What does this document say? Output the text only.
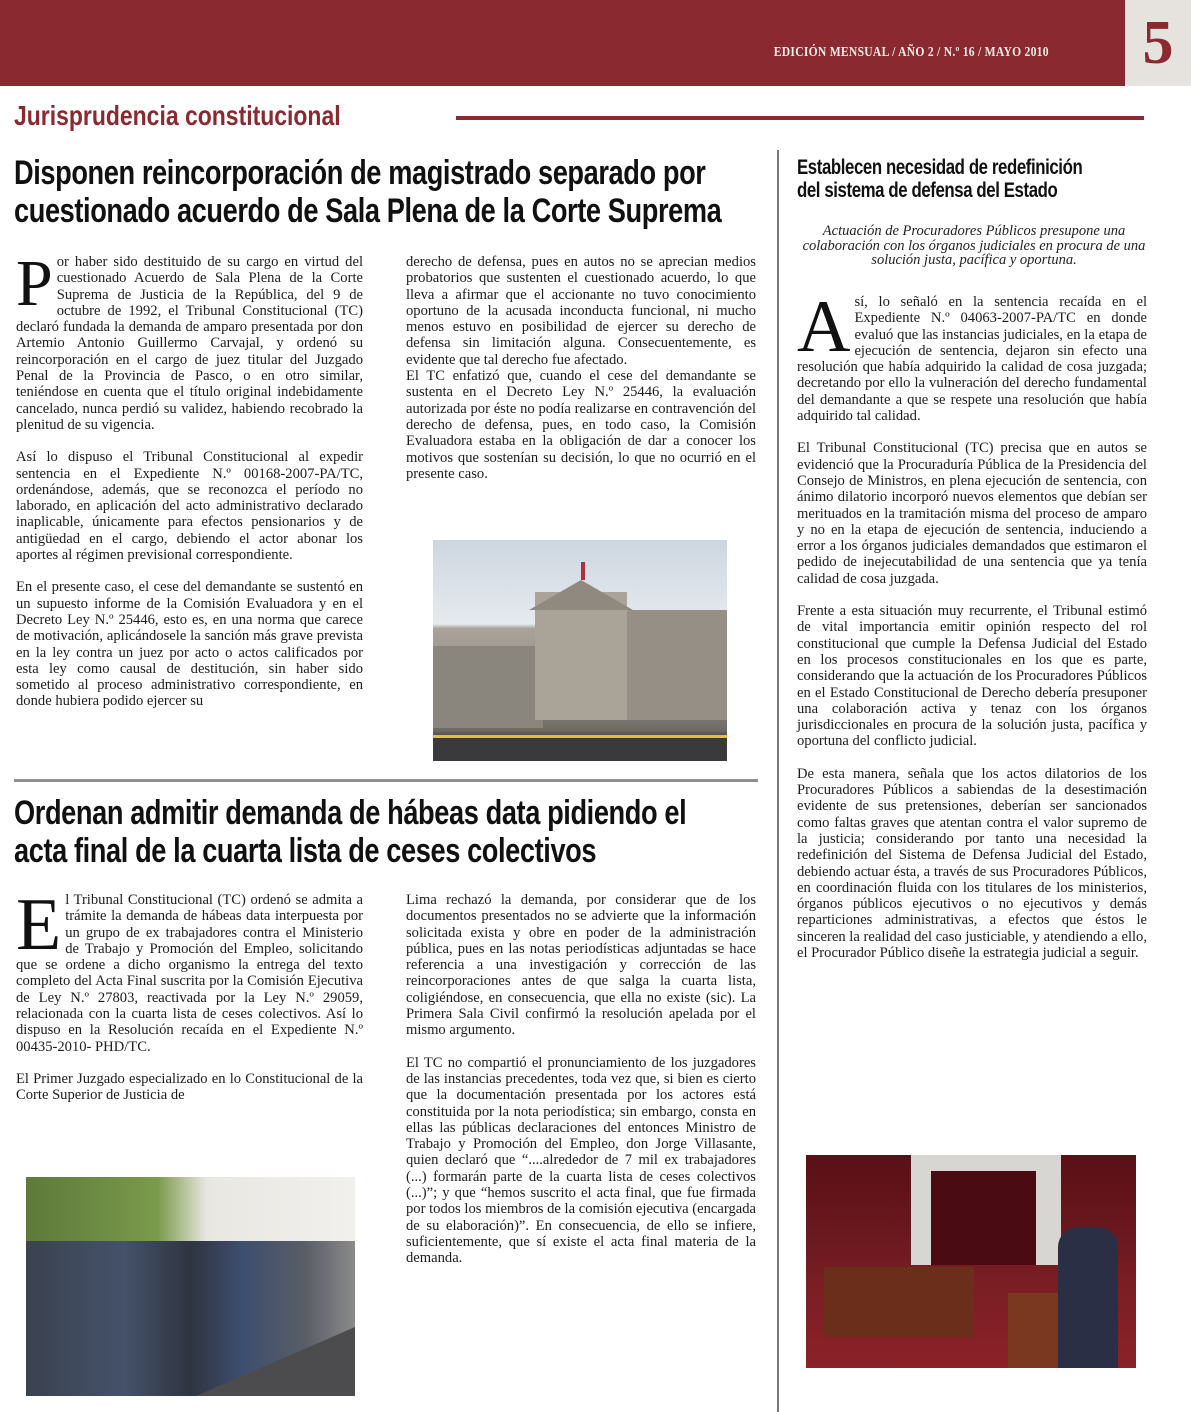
EDICIÓN MENSUAL / AÑO 2 / N.º 16 / MAYO 2010 5
Jurisprudencia constitucional
Disponen reincorporación de magistrado separado por
cuestionado acuerdo de Sala Plena de la Corte Suprema

Por haber sido destituido de su cargo en virtud del cuestionado Acuerdo de Sala Plena de la Corte Suprema de Justicia de la República, del 9 de octubre de 1992, el Tribunal Constitucional (TC) declaró fundada la demanda de amparo presentada por don Artemio Antonio Guillermo Carvajal, y ordenó su reincorporación en el cargo de juez titular del Juzgado Penal de la Provincia de Pasco, o en otro similar, teniéndose en cuenta que el título original indebidamente cancelado, nunca perdió su validez, habiendo recobrado la plenitud de su vigencia.

Así lo dispuso el Tribunal Constitucional al expedir sentencia en el Expediente N.º 00168-2007-PA/TC, ordenándose, además, que se reconozca el período no laborado, en aplicación del acto administrativo declarado inaplicable, únicamente para efectos pensionarios y de antigüedad en el cargo, debiendo el actor abonar los aportes al régimen previsional correspondiente.

En el presente caso, el cese del demandante se sustentó en un supuesto informe de la Comisión Evaluadora y en el Decreto Ley N.º 25446, esto es, en una norma que carece de motivación, aplicándosele la sanción más grave prevista en la ley contra un juez por acto o actos calificados por esta ley como causal de destitución, sin haber sido sometido al proceso administrativo correspondiente, en donde hubiera podido ejercer su

derecho de defensa, pues en autos no se aprecian medios probatorios que sustenten el cuestionado acuerdo, lo que lleva a afirmar que el accionante no tuvo conocimiento oportuno de la acusada inconducta funcional, ni mucho menos estuvo en posibilidad de ejercer su derecho de defensa sin limitación alguna. Consecuentemente, es evidente que tal derecho fue afectado.

El TC enfatizó que, cuando el cese del demandante se sustenta en el Decreto Ley N.º 25446, la evaluación autorizada por éste no podía realizarse en contravención del derecho de defensa, pues, en todo caso, la Comisión Evaluadora estaba en la obligación de dar a conocer los motivos que sostenían su decisión, lo que no ocurrió en el presente caso.

Ordenan admitir demanda de hábeas data pidiendo el
acta final de la cuarta lista de ceses colectivos

El Tribunal Constitucional (TC) ordenó se admita a trámite la demanda de hábeas data interpuesta por un grupo de ex trabajadores contra el Ministerio de Trabajo y Promoción del Empleo, solicitando que se ordene a dicho organismo la entrega del texto completo del Acta Final suscrita por la Comisión Ejecutiva de Ley N.º 27803, reactivada por la Ley N.º 29059, relacionada con la cuarta lista de ceses colectivos. Así lo dispuso en la Resolución recaída en el Expediente N.º 00435-2010- PHD/TC.

El Primer Juzgado especializado en lo Constitucional de la Corte Superior de Justicia de

Lima rechazó la demanda, por considerar que de los documentos presentados no se advierte que la información solicitada exista y obre en poder de la administración pública, pues en las notas periodísticas adjuntadas se hace referencia a una investigación y corrección de las reincorporaciones antes de que salga la cuarta lista, coligiéndose, en consecuencia, que ella no existe (sic). La Primera Sala Civil confirmó la resolución apelada por el mismo argumento.

El TC no compartió el pronunciamiento de los juzgadores de las instancias precedentes, toda vez que, si bien es cierto que la documentación presentada por los actores está constituida por la nota periodística; sin embargo, consta en ellas las públicas declaraciones del entonces Ministro de Trabajo y Promoción del Empleo, don Jorge Villasante, quien declaró que “....alrededor de 7 mil ex trabajadores (...) formarán parte de la cuarta lista de ceses colectivos (...)”; y que “hemos suscrito el acta final, que fue firmada por todos los miembros de la comisión ejecutiva (encargada de su elaboración)”. En consecuencia, de ello se infiere, suficientemente, que sí existe el acta final materia de la demanda.

Establecen necesidad de redefinición
del sistema de defensa del Estado
Actuación de Procuradores Públicos presupone una colaboración con los órganos judiciales en procura de una solución justa, pacífica y oportuna.

Así, lo señaló en la sentencia recaída en el Expediente N.º 04063-2007-PA/TC en donde evaluó que las instancias judiciales, en la etapa de ejecución de sentencia, dejaron sin efecto una resolución que había adquirido la calidad de cosa juzgada; decretando por ello la vulneración del derecho fundamental del demandante a que se respete una resolución que había adquirido tal calidad.

El Tribunal Constitucional (TC) precisa que en autos se evidenció que la Procuraduría Pública de la Presidencia del Consejo de Ministros, en plena ejecución de sentencia, con ánimo dilatorio incorporó nuevos elementos que debían ser merituados en la tramitación misma del proceso de amparo y no en la etapa de ejecución de sentencia, induciendo a error a los órganos judiciales demandados que estimaron el pedido de inejecutabilidad de una sentencia que ya tenía calidad de cosa juzgada.

Frente a esta situación muy recurrente, el Tribunal estimó de vital importancia emitir opinión respecto del rol constitucional que cumple la Defensa Judicial del Estado en los procesos constitucionales en los que es parte, considerando que la actuación de los Procuradores Públicos en el Estado Constitucional de Derecho debería presuponer una colaboración activa y tenaz con los órganos jurisdiccionales en procura de la solución justa, pacífica y oportuna del conflicto judicial.

De esta manera, señala que los actos dilatorios de los Procuradores Públicos a sabiendas de la desestimación evidente de sus pretensiones, deberían ser sancionados como faltas graves que atentan contra el valor supremo de la justicia; considerando por tanto una necesidad la redefinición del Sistema de Defensa Judicial del Estado, debiendo actuar ésta, a través de sus Procuradores Públicos, en coordinación fluida con los titulares de los ministerios, órganos públicos ejecutivos o no ejecutivos y demás reparticiones administrativas, a efectos que éstos le sinceren la realidad del caso justiciable, y atendiendo a ello, el Procurador Público diseñe la estrategia judicial a seguir.
